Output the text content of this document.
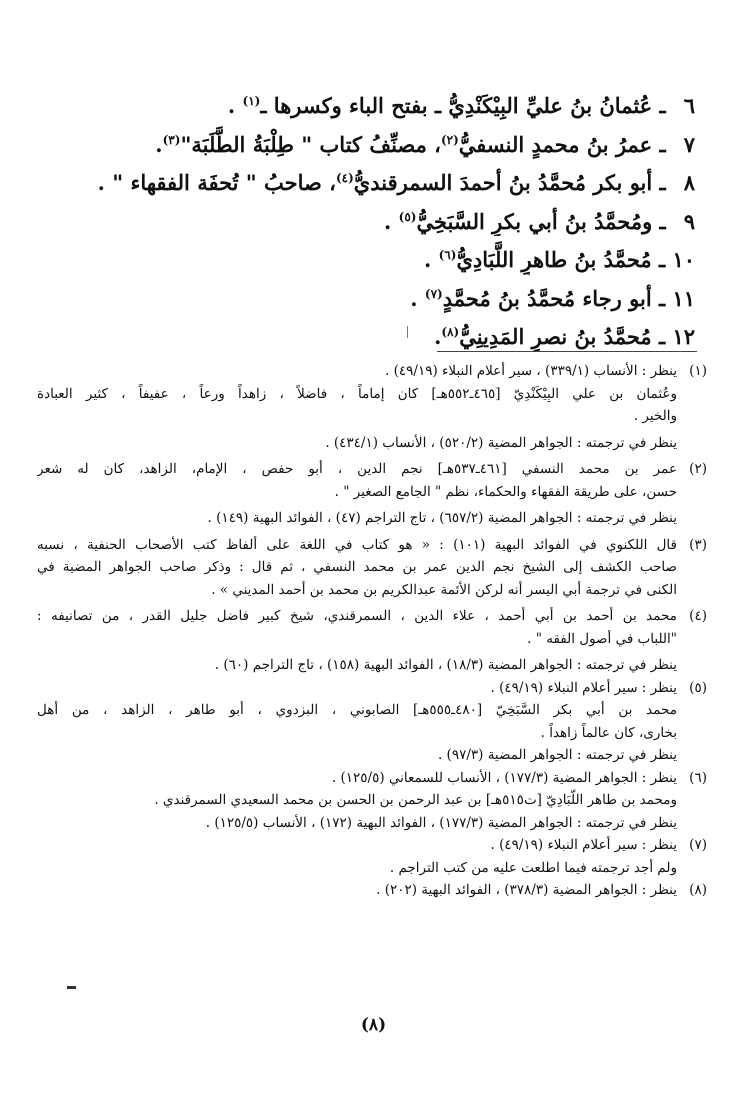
٦ ـ عُثمانُ بنُ عليِّ البِيْكَنْدِيُّ ـ بفتح الباء وكسرها ـ$^{(١)}$ .
٧ ـ عمرُ بنُ محمدٍ النسفيُّ$^{(٢)}$، مصنِّفُ كتاب " طِلْبَةُ الطَّلَبَة"$^{(٣)}$.
٨ ـ أبو بكر مُحمَّدُ بنُ أحمدَ السمرقنديُّ$^{(٤)}$، صاحبُ " تُحفَة الفقهاء " .
٩ ـ ومُحمَّدُ بنُ أبي بكرٍ السَّبَخِيُّ$^{(٥)}$ .
١٠ ـ مُحمَّدُ بنُ طاهرٍ اللَّبَادِيُّ$^{(٦)}$ .
١١ ـ أبو رجاء مُحمَّدُ بنُ مُحمَّدٍ$^{(٧)}$ .
١٢ ـ مُحمَّدُ بنُ نصرٍ المَدِينِيُّ$^{(٨)}$.
(١)ينظر : الأنساب (٣٣٩/١) ، سير أعلام النبلاء (٤٩/١٩) .
وعُثمان بن علي البِيْكَنْدِيّ [٤٦٥ـ٥٥٢هـ] كان إماماً ، فاضلاً ، زاهداً ورعاً ، عفيفاً ، كثير العبادة
والخير .
ينظر في ترجمته : الجواهر المضية (٥٢٠/٢) ، الأنساب (٤٣٤/١) .
(٢)عمر بن محمد النسفي [٤٦١ـ٥٣٧هـ] نجم الدين ، أبو حفص ، الإمام، الزاهد، كان له شعر
حسن، على طريقة الفقهاء والحكماء، نظم " الجامع الصغير " .
ينظر في ترجمته : الجواهر المضية (٦٥٧/٢) ، تاج التراجم (٤٧) ، الفوائد البهية (١٤٩) .
(٣)قال اللكنوي في الفوائد البهية (١٠١) : « هو كتاب في اللغة على ألفاظ كتب الأصحاب الحنفية ، نسبه
صاحب الكشف إلى الشيخ نجم الدين عمر بن محمد النسفي ، ثم قال : وذكر صاحب الجواهر المضية في
الكنى في ترجمة أبي اليسر أنه لركن الأئمة عبدالكريم بن محمد بن أحمد المديني » .
(٤)محمد بن أحمد بن أبي أحمد ، علاء الدين ، السمرقندي، شيخ كبير فاضل جليل القدر ، من تصانيفه :
"اللباب في أصول الفقه " .
ينظر في ترجمته : الجواهر المضية (١٨/٣) ، الفوائد البهية (١٥٨) ، تاج التراجم (٦٠) .
(٥)ينظر : سير أعلام النبلاء (٤٩/١٩) .
محمد بن أبي بكر السَّبَخِيّ [٤٨٠ـ٥٥٥هـ] الصابوني ، البزدوي ، أبو طاهر ، الزاهد ، من أهل
بخارى، كان عالماً زاهداً .
ينظر في ترجمته : الجواهر المضية (٩٧/٣) .
(٦)ينظر : الجواهر المضية (١٧٧/٣) ، الأنساب للسمعاني (١٢٥/٥) .
ومحمد بن طاهر اللَّبَادِيّ [ت٥١٥هـ] بن عبد الرحمن بن الحسن بن محمد السعيدي السمرقندي .
ينظر في ترجمته : الجواهر المضية (١٧٧/٣) ، الفوائد البهية (١٧٢) ، الأنساب (١٢٥/٥) .
(٧)ينظر : سير أعلام النبلاء (٤٩/١٩) .
ولم أجد ترجمته فيما اطلعت عليه من كتب التراجم .
(٨)ينظر : الجواهر المضية (٣٧٨/٣) ، الفوائد البهية (٢٠٢) .
(٨)
